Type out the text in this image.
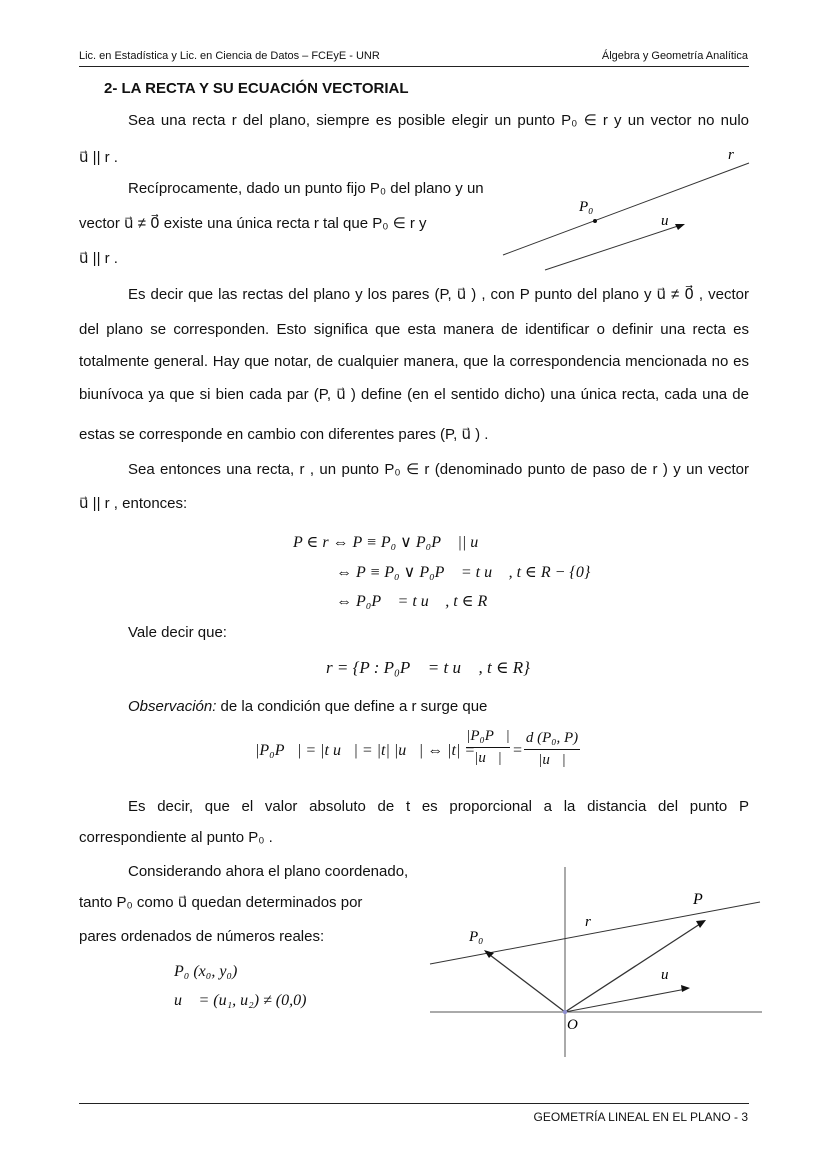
Lic. en Estadística y Lic. en Ciencia de Datos – FCEyE - UNR	Álgebra y Geometría Analítica
2- LA RECTA Y SU ECUACIÓN VECTORIAL
Sea una recta r del plano, siempre es posible elegir un punto P₀ ∈ r y un vector no nulo
u⃗ || r .
Recíprocamente, dado un punto fijo P₀ del plano y un
vector u⃗ ≠ 0⃗ existe una única recta r tal que P₀ ∈ r y
u⃗ || r .
r
P₀
u⃗
Es decir que las rectas del plano y los pares (P, u⃗ ) , con P punto del plano y u⃗ ≠ 0⃗ , vector
del plano se corresponden. Esto significa que esta manera de identificar o definir una recta es
totalmente general. Hay que notar, de cualquier manera, que la correspondencia mencionada no es
biunívoca ya que si bien cada par (P, u⃗ ) define (en el sentido dicho) una única recta, cada una de
estas se corresponde en cambio con diferentes pares (P, u⃗ ) .
Sea entonces una recta, r , un punto P₀ ∈ r (denominado punto de paso de r ) y un vector
u⃗ || r , entonces:
P ∈ r ⇔ P ≡ P₀ ∨ P₀P⃗ || u⃗
⇔ P ≡ P₀ ∨ P₀P⃗ = t u⃗ , t ∈ R − {0}
⇔ P₀P⃗ = t u⃗ , t ∈ R
Vale decir que:
r = {P : P₀P⃗ = t u⃗ , t ∈ R}
Observación: de la condición que define a r surge que
|P₀P⃗| = |t u⃗| = |t| |u⃗| ⇔ |t| =
$\frac{\text{|P₀P⃗|}}{|u⃗|} = \frac{\text{d (P₀, P)}}{|u⃗|}$
Es decir, que el valor absoluto de t es proporcional a la distancia del punto P
correspondiente al punto P₀ .
Considerando ahora el plano coordenado,
tanto P₀ como u⃗ quedan determinados por
pares ordenados de números reales:
P₀ (x₀, y₀)
u⃗ = (u₁, u₂) ≠ (0,0)
P
r
P₀
u⃗
O
GEOMETRÍA LINEAL EN EL PLANO - 3
